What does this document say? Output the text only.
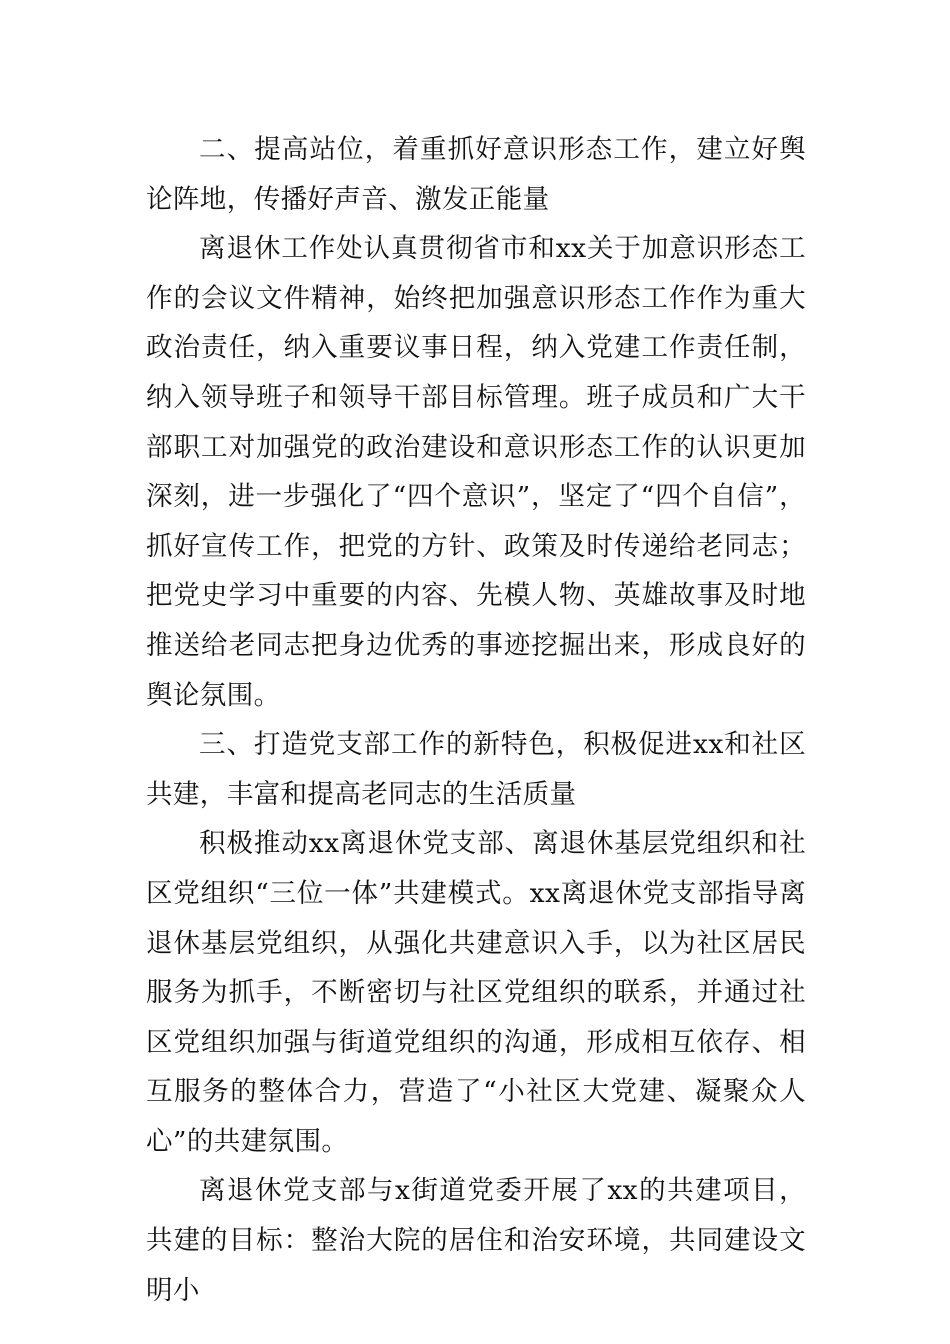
二、提高站位，着重抓好意识形态工作，建立好舆论阵地，传播好声音、激发正能量

离退休工作处认真贯彻省市和xx关于加意识形态工作的会议文件精神，始终把加强意识形态工作作为重大政治责任，纳入重要议事日程，纳入党建工作责任制，纳入领导班子和领导干部目标管理。班子成员和广大干部职工对加强党的政治建设和意识形态工作的认识更加深刻，进一步强化了“四个意识”，坚定了“四个自信”，抓好宣传工作，把党的方针、政策及时传递给老同志；把党史学习中重要的内容、先模人物、英雄故事及时地推送给老同志把身边优秀的事迹挖掘出来，形成良好的舆论氛围。

三、打造党支部工作的新特色，积极促进xx和社区共建，丰富和提高老同志的生活质量

积极推动xx离退休党支部、离退休基层党组织和社区党组织“三位一体”共建模式。xx离退休党支部指导离退休基层党组织，从强化共建意识入手，以为社区居民服务为抓手，不断密切与社区党组织的联系，并通过社区党组织加强与街道党组织的沟通，形成相互依存、相互服务的整体合力，营造了“小社区大党建、凝聚众人心”的共建氛围。

离退休党支部与x街道党委开展了xx的共建项目，共建的目标：整治大院的居住和治安环境，共同建设文明小
